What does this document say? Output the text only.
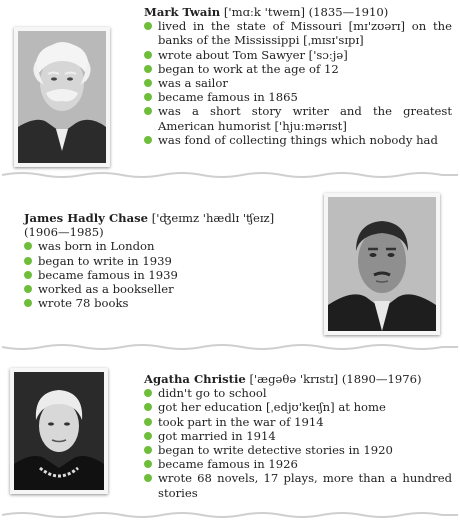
Mark Twain ['mɑːk 'tweɪn] (1835—1910)
lived in the state of Missouri [mɪ'zʊərɪ] on the banks of the Mississippi [ˌmɪsɪ'sɪpɪ]
wrote about Tom Sawyer ['sɔːjə]
began to work at the age of 12
was a sailor
became famous in 1865
was a short story writer and the greatest American humorist ['hjuːmərɪst]
was fond of collecting things which nobody had
James Hadly Chase ['ʤeɪmz 'hædlɪ 'ʧeɪz]
(1906—1985)
was born in London
began to write in 1939
became famous in 1939
worked as a bookseller
wrote 78 books
Agatha Christie ['ægəθə 'krɪstɪ] (1890—1976)
didn't go to school
got her education [ˌedjʊ'keɪʃn] at home
took part in the war of 1914
got married in 1914
began to write detective stories in 1920
became famous in 1926
wrote 68 novels, 17 plays, more than a hundred stories
